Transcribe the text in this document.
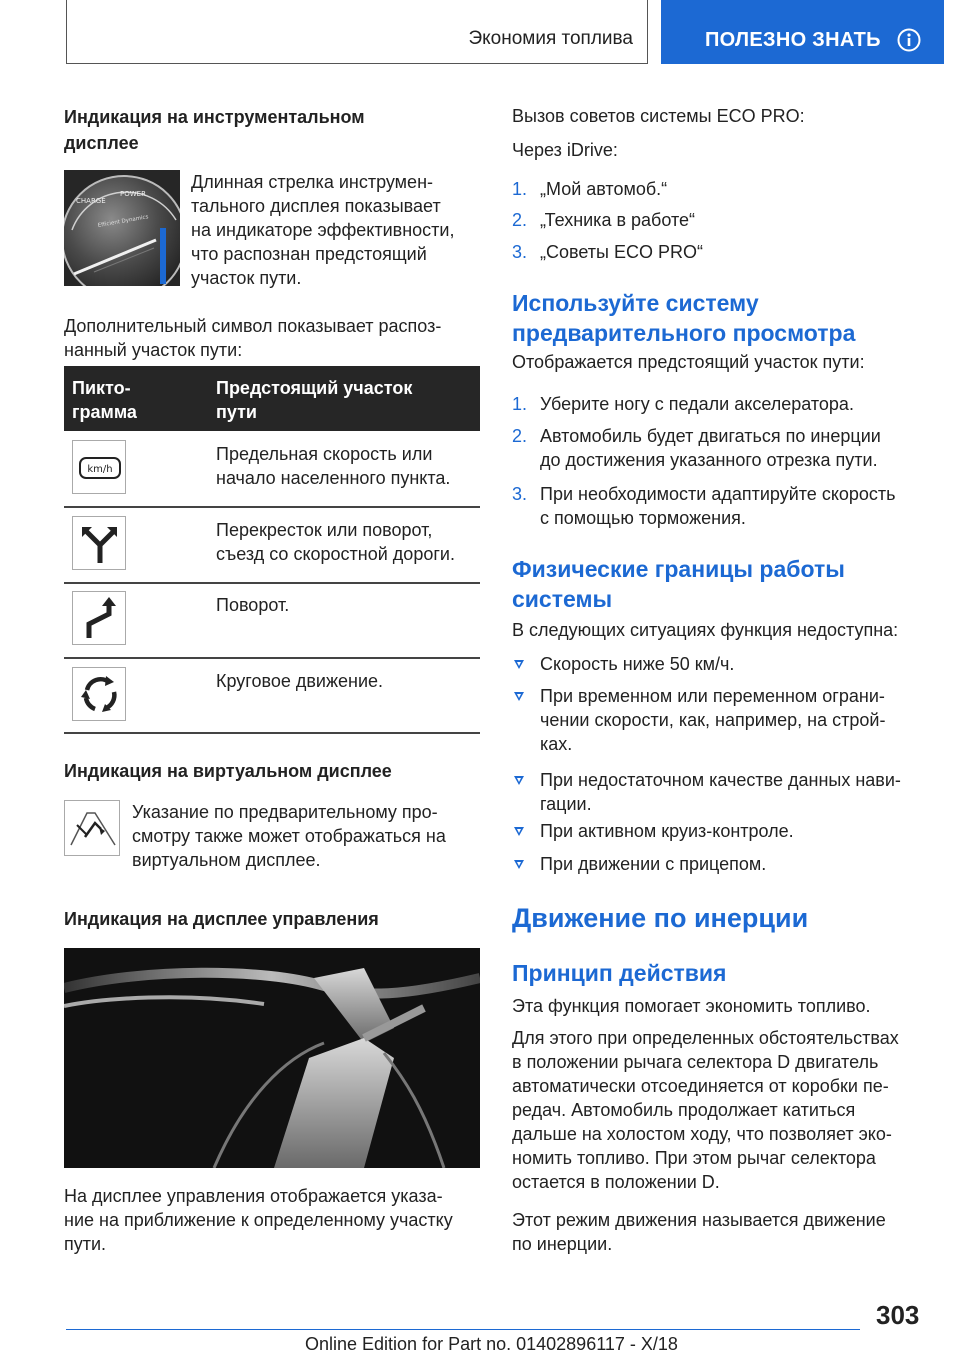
Экономия топлива	ПОЛЕЗНО ЗНАТЬ
Индикация на инструментальном
дисплее
CHARGE
POWER
Efficient Dynamics
Длинная стрелка инструмен-
тального дисплея показывает
на индикаторе эффективности,
что распознан предстоящий
участок пути.
Дополнительный символ показывает распоз-
нанный участок пути:
Пикто-
грамма
Предстоящий участок
пути
km/h
Предельная скорость или
начало населенного пункта.
Перекресток или поворот,
съезд со скоростной дороги.
Поворот.
Круговое движение.
Индикация на виртуальном дисплее
Указание по предварительному про-
смотру также может отображаться на
виртуальном дисплее.
Индикация на дисплее управления
На дисплее управления отображается указа-
ние на приближение к определенному участку
пути.
Вызов советов системы ECO PRO:
Через iDrive:
1. „Мой автомоб.“
2. „Техника в работе“
3. „Советы ECO PRO“
Используйте систему
предварительного просмотра
Отображается предстоящий участок пути:
1. Уберите ногу с педали акселератора.
2. Автомобиль будет двигаться по инерции
до достижения указанного отрезка пути.
3. При необходимости адаптируйте скорость
с помощью торможения.
Физические границы работы
системы
В следующих ситуациях функция недоступна:
Скорость ниже 50 км/ч.
При временном или переменном ограни-
чении скорости, как, например, на строй-
ках.
При недостаточном качестве данных нави-
гации.
При активном круиз-контроле.
При движении с прицепом.
Движение по инерции
Принцип действия
Эта функция помогает экономить топливо.
Для этого при определенных обстоятельствах
в положении рычага селектора D двигатель
автоматически отсоединяется от коробки пе-
редач. Автомобиль продолжает катиться
дальше на холостом ходу, что позволяет эко-
номить топливо. При этом рычаг селектора
остается в положении D.
Этот режим движения называется движение
по инерции.
303
Online Edition for Part no. 01402896117 - X/18
